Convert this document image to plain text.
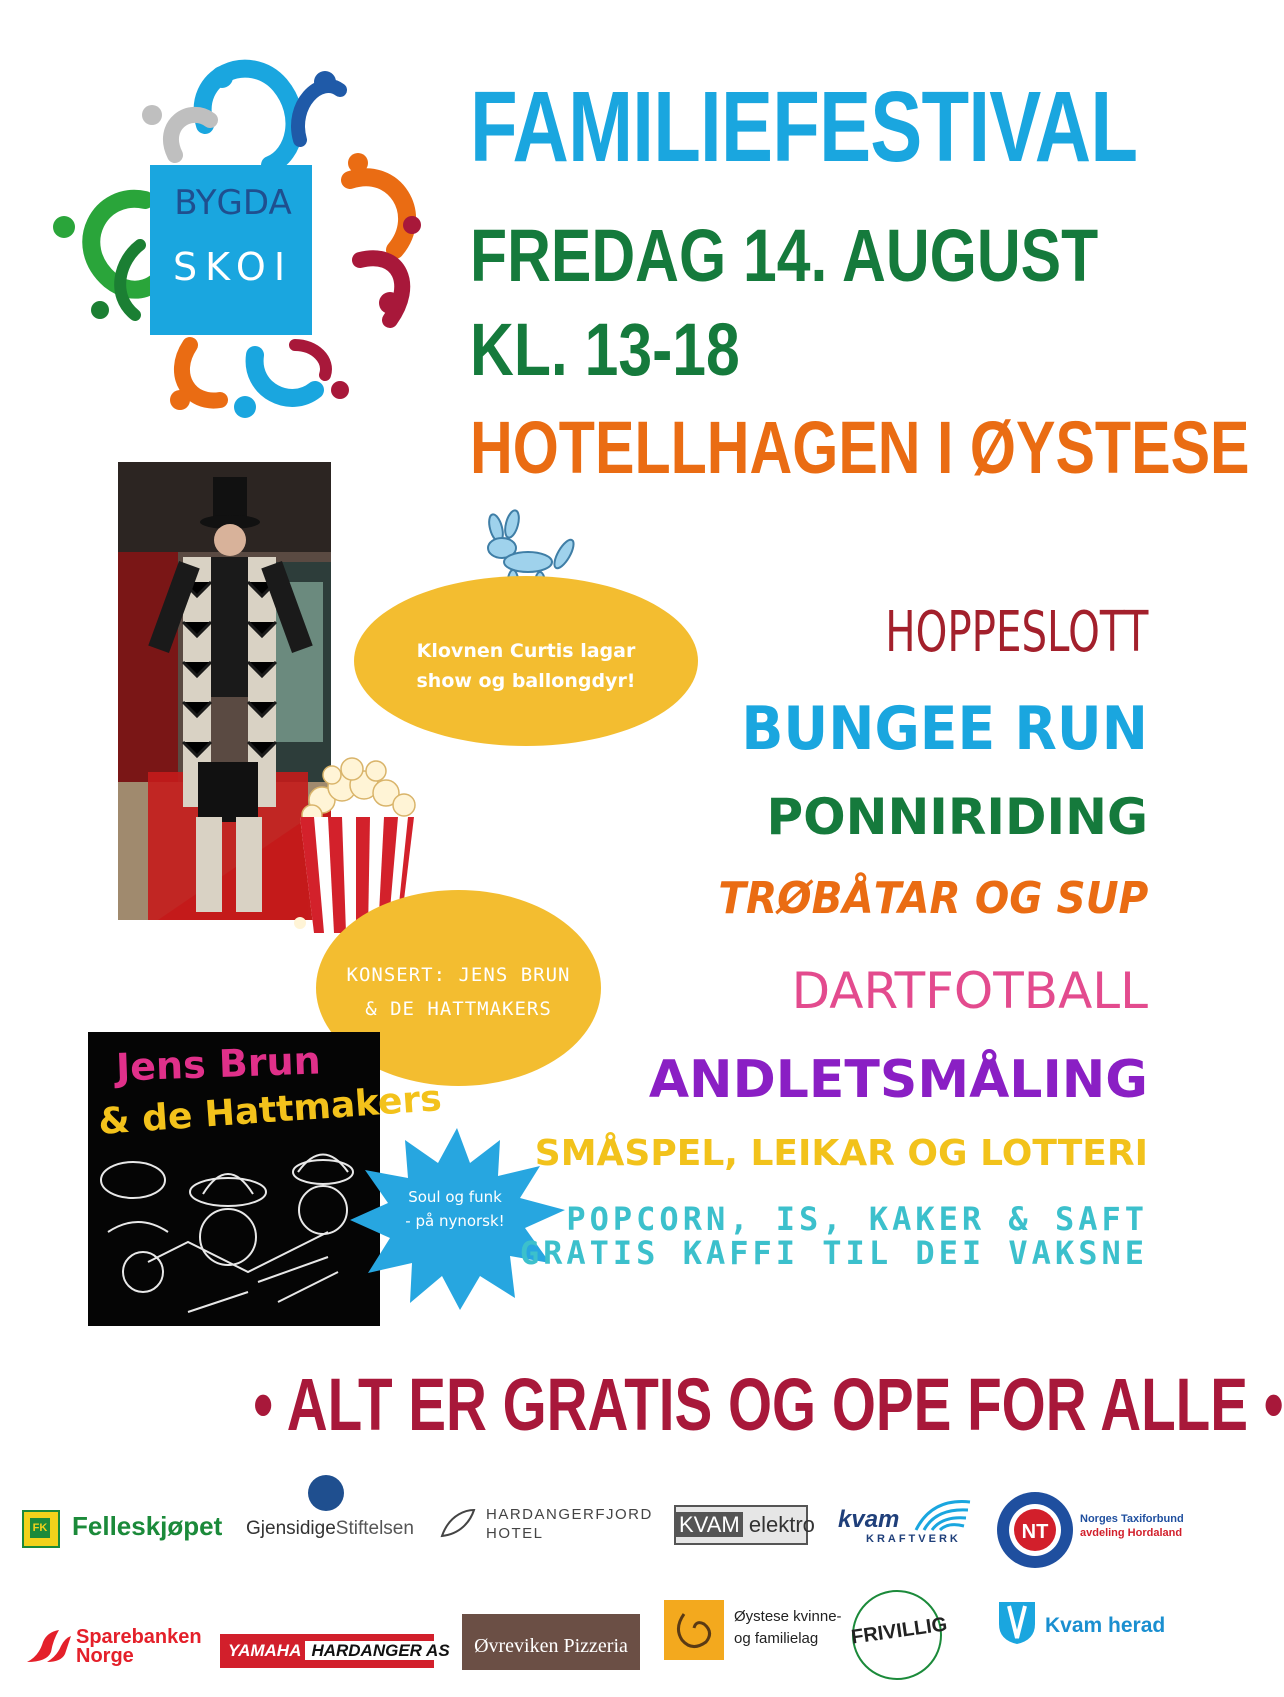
BYGDA
SKOI
FAMILIEFESTIVAL
FREDAG 14. AUGUST
KL. 13-18
HOTELLHAGEN I ØYSTESE
Klovnen Curtis lagar
show og ballongdyr!
KONSERT: JENS BRUN
& DE HATTMAKERS
Jens Brun
& de Hattmakers
Soul og funk
- på nynorsk!
HOPPESLOTT
BUNGEE RUN
PONNIRIDING
TRØBÅTAR OG SUP
DARTFOTBALL
ANDLETSMÅLING
SMÅSPEL, LEIKAR OG LOTTERI
POPCORN, IS, KAKER & SAFT
GRATIS KAFFI TIL DEI VAKSNE
• ALT ER GRATIS OG OPE FOR ALLE •
FK Felleskjøpet GjensidigeStiftelsen
HARDANGERFJORD
HOTEL	KVAM elektro kvam
KRAFTVERK	NT
Norges Taxiforbund
avdeling Hordaland
Sparebanken
Norge	YAMAHA HARDANGER AS	Øvreviken Pizzeria
Øystese kvinne-
og familielag	FRIVILLIG	Kvam herad
